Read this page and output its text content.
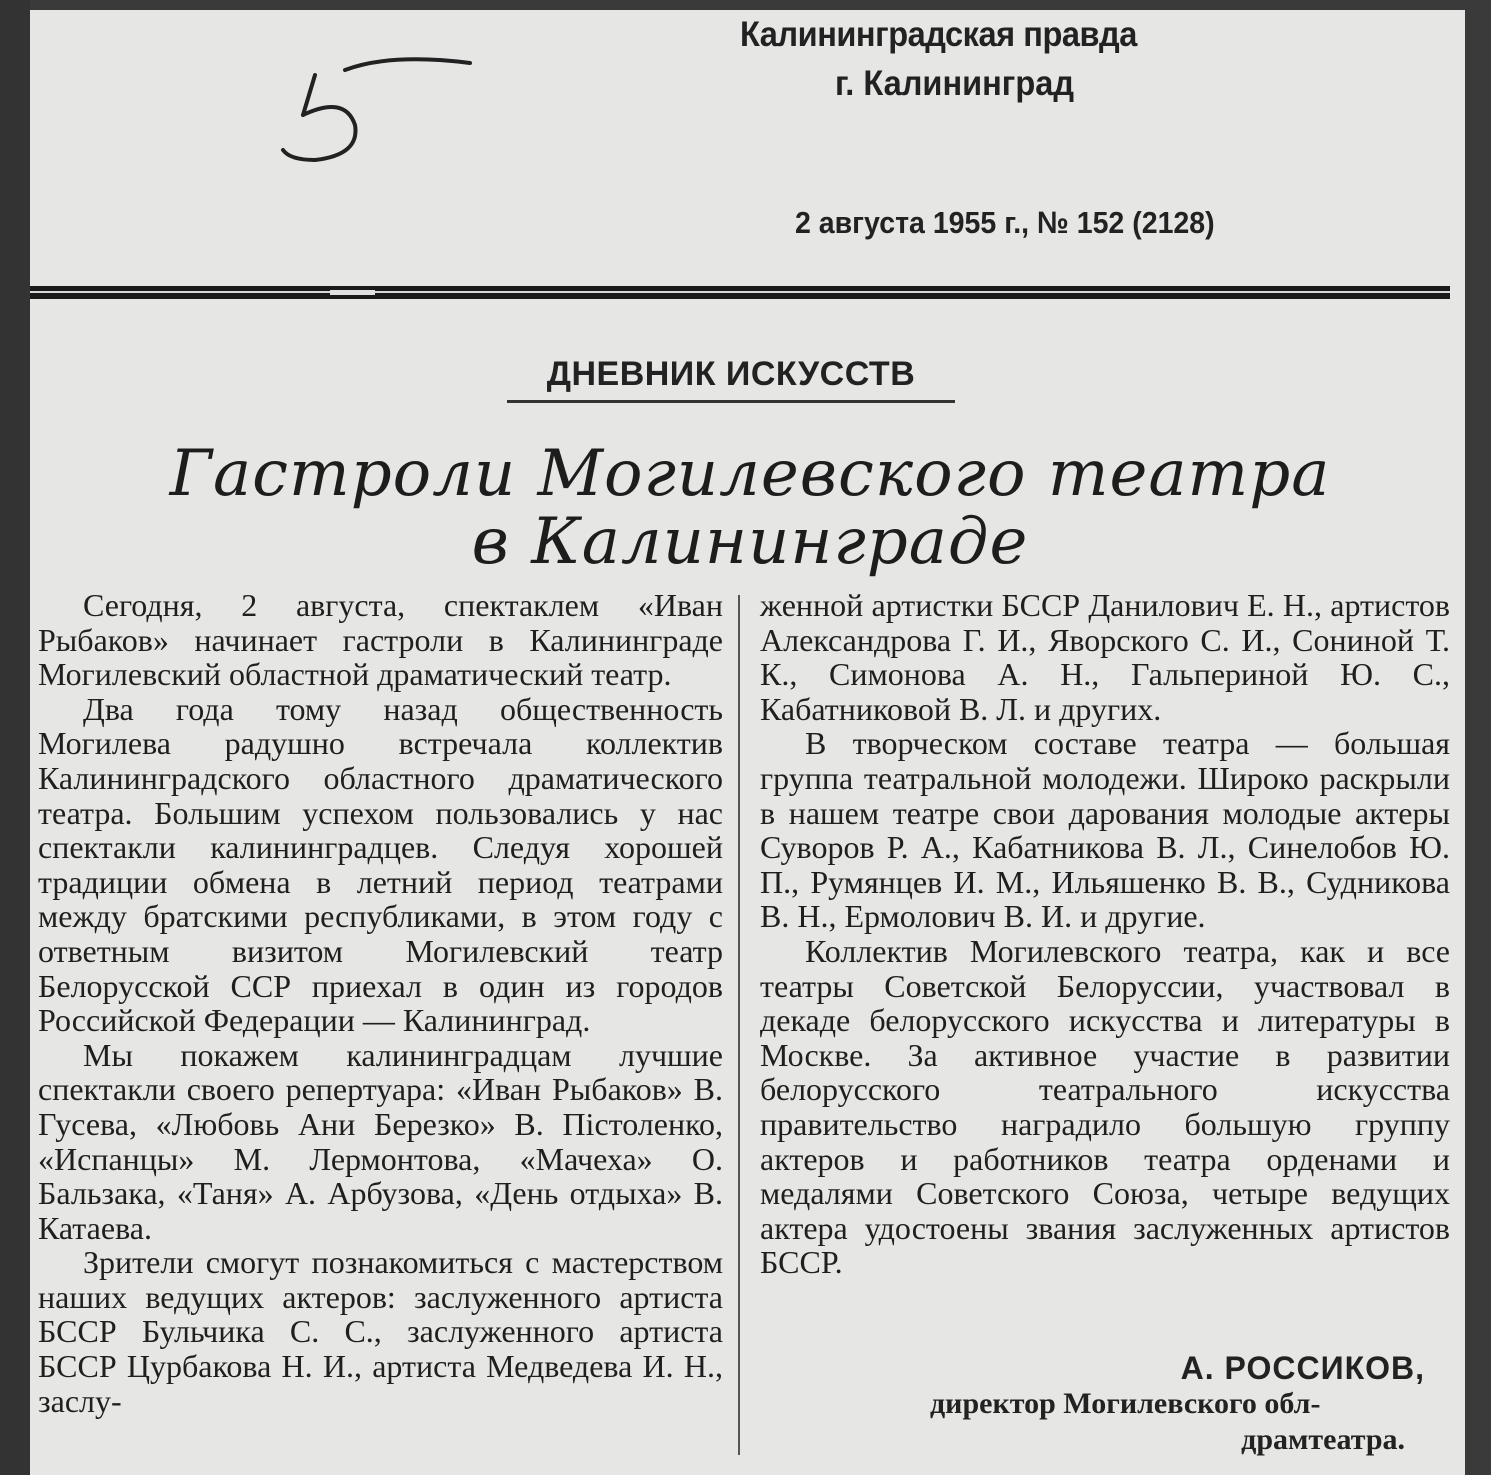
Калининградская правда
г. Калининград
2 августа 1955 г., № 152 (2128)
ДНЕВНИК ИСКУССТВ
Гастроли Могилевского театра
в Калининграде

Сегодня, 2 августа, спектаклем «Иван Рыбаков» начинает гастроли в Калининграде Могилевский областной драматический театр.

Два года тому назад общественность Могилева радушно встречала коллектив Калининградского областного драматического театра. Большим успехом пользовались у нас спектакли калининградцев. Следуя хорошей традиции обмена в летний период театрами между братскими республиками, в этом году с ответным визитом Могилевский театр Белорусской ССР приехал в один из городов Российской Федерации — Калининград.

Мы покажем калининградцам лучшие спектакли своего репертуара: «Иван Рыбаков» В. Гусева, «Любовь Ани Березко» В. Пістоленко, «Испанцы» М. Лермонтова, «Мачеха» О. Бальзака, «Таня» А. Арбузова, «День отдыха» В. Катаева.

Зрители смогут познакомиться с мастерством наших ведущих актеров: заслуженного артиста БССР Бульчика С. С., заслуженного артиста БССР Цурбакова Н. И., артиста Медведева И. Н., заслу-

женной артистки БССР Данилович Е. Н., артистов Александрова Г. И., Яворского С. И., Сониной Т. К., Симонова А. Н., Гальпериной Ю. С., Кабатниковой В. Л. и других.

В творческом составе театра — большая группа театральной молодежи. Широко раскрыли в нашем театре свои дарования молодые актеры Суворов Р. А., Кабатникова В. Л., Синелобов Ю. П., Румянцев И. М., Ильяшенко В. В., Судникова В. Н., Ермолович В. И. и другие.

Коллектив Могилевского театра, как и все театры Советской Белоруссии, участвовал в декаде белорусского искусства и литературы в Москве. За активное участие в развитии белорусского театрального искусства правительство наградило большую группу актеров и работников театра орденами и медалями Советского Союза, четыре ведущих актера удостоены звания заслуженных артистов БССР.

А. РОССИКОВ,
директор Могилевского обл-
драмтеатра.
